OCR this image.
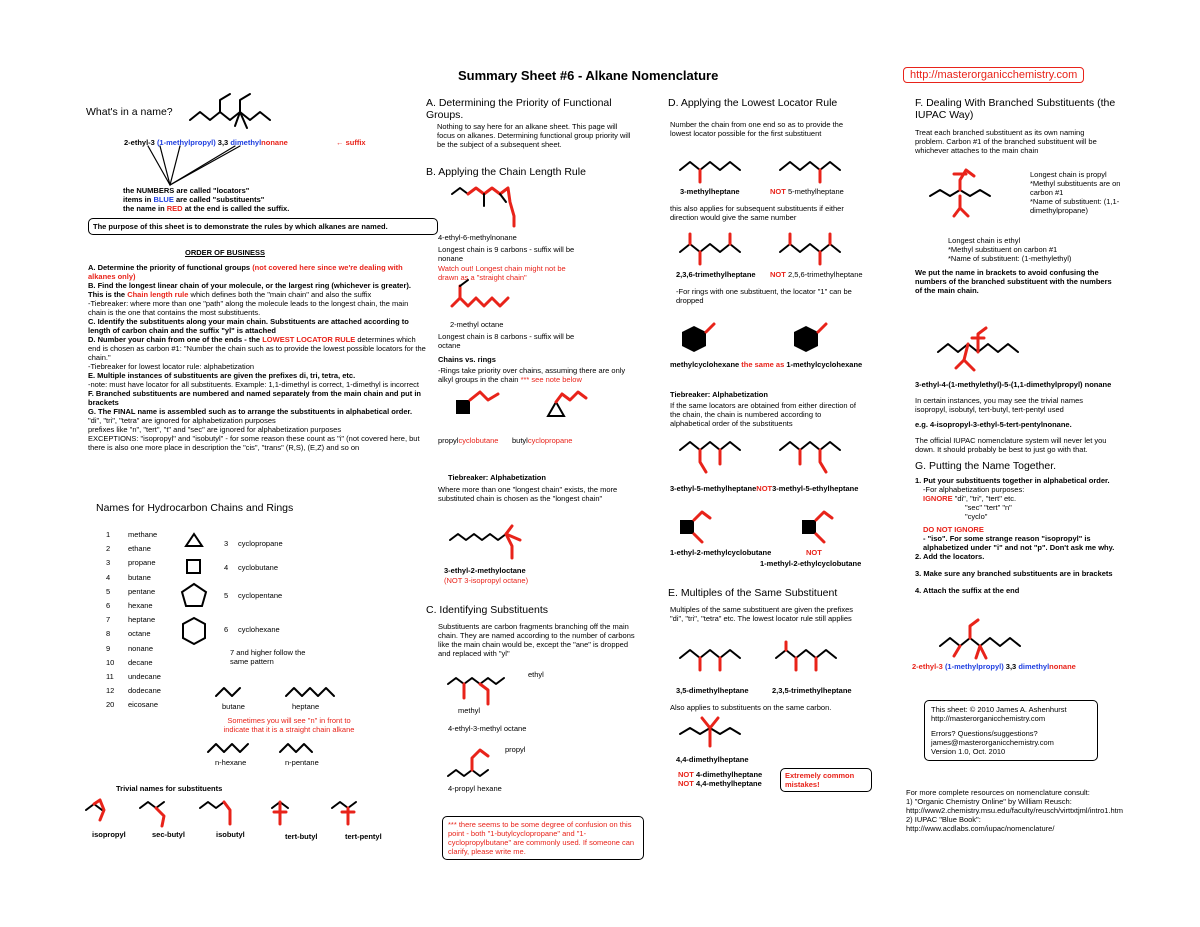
Summary Sheet #6 - Alkane Nomenclature	http://masterorganicchemistry.com
What's in a name?
2-ethyl-3 (1-methylpropyl) 3,3 dimethylnonane	← suffix
the NUMBERS are called "locators"
items in BLUE are called "substituents"
the name in RED at the end is called the suffix.
The purpose of this sheet is to demonstrate the rules by which alkanes are named.
ORDER OF BUSINESS
A. Determine the priority of functional groups (not covered here since we're dealing with alkanes only)
B. Find the longest linear chain of your molecule, or the largest ring (whichever is greater). This is the Chain length rule which defines both the "main chain" and also the suffix
-Tiebreaker: where more than one "path" along the molecule leads to the longest chain, the main chain is the one that contains the most substituents.
C. Identify the substituents along your main chain. Substituents are attached according to length of carbon chain and the suffix "yl" is attached
D. Number your chain from one of the ends - the LOWEST LOCATOR RULE determines which end is chosen as carbon #1: "Number the chain such as to provide the lowest possible locators for the chain."
-Tiebreaker for lowest locator rule: alphabetization
E. Multiple instances of substituents are given the prefixes di, tri, tetra, etc.
-note: must have locator for all substituents. Example: 1,1-dimethyl is correct, 1-dimethyl is incorrect
F. Branched substituents are numbered and named separately from the main chain and put in brackets
G. The FINAL name is assembled such as to arrange the substituents in alphabetical order.
"di", "tri", "tetra" are ignored for alphabetization purposes
prefixes like "n", "tert", "t" and "sec" are ignored for alphabetization purposes
EXCEPTIONS: "isopropyl" and "isobutyl" - for some reason these count as "i" (not covered here, but there is also one more place in description the "cis", "trans" (R,S), (E,Z) and so on
Names for Hydrocarbon Chains and Rings
1	methane
2	ethane
3	propane
4	butane
5	pentane
6	hexane
7	heptane
8	octane
9	nonane
10	decane
11	undecane
12	dodecane
20	eicosane
3 cyclopropane
4 cyclobutane
5 cyclopentane
6 cyclohexane
7 and higher follow the same pattern
butane	heptane
Sometimes you will see "n" in front to indicate that it is a straight chain alkane
n-hexane	n-pentane
Trivial names for substituents
isopropyl	sec-butyl	isobutyl	tert-butyl	tert-pentyl
A. Determining the Priority of Functional Groups.
Nothing to say here for an alkane sheet. This page will focus on alkanes. Determining functional group priority will be the subject of a subsequent sheet.
B. Applying the Chain Length Rule
4-ethyl-6-methylnonane
Longest chain is 9 carbons - suffix will be nonane
Watch out! Longest chain might not be drawn as a "straight chain"
2-methyl octane
Longest chain is 8 carbons - suffix will be octane
Chains vs. rings
-Rings take priority over chains, assuming there are only alkyl groups in the chain *** see note below
propylcyclobutane butylcyclopropane
Tiebreaker: Alphabetization
Where more than one "longest chain" exists, the more substituted chain is chosen as the "longest chain"
3-ethyl-2-methyloctane
(NOT 3-isopropyl octane)
C. Identifying Substituents
Substituents are carbon fragments branching off the main chain. They are named according to the number of carbons like the main chain would be, except the "ane" is dropped and replaced with "yl"
ethyl
methyl
4-ethyl-3-methyl octane
propyl
4-propyl hexane
*** there seems to be some degree of confusion on this point - both "1-butylcyclopropane" and "1-cyclopropylbutane" are commonly used. If someone can clarify, please write me.
D. Applying the Lowest Locator Rule
Number the chain from one end so as to provide the lowest locator possible for the first substituent
3-methylheptane	NOT 5-methylheptane
this also applies for subsequent substituents if either direction would give the same number
2,3,6-trimethylheptane NOT 2,5,6-trimethylheptane
-For rings with one substituent, the locator "1" can be dropped
methylcyclohexane the same as 1-methylcyclohexane
Tiebreaker: Alphabetization
If the same locators are obtained from either direction of the chain, the chain is numbered according to alphabetical order of the substituents
3-ethyl-5-methylheptaneNOT3-methyl-5-ethylheptane
1-ethyl-2-methylcyclobutane	NOT
1-methyl-2-ethylcyclobutane
E. Multiples of the Same Substituent
Multiples of the same substituent are given the prefixes "di", "tri", "tetra" etc. The lowest locator rule still applies
3,5-dimethylheptane	2,3,5-trimethylheptane
Also applies to substituents on the same carbon.
4,4-dimethylheptane
NOT 4-dimethylheptane
NOT 4,4-methylheptane
Extremely common mistakes!
F. Dealing With Branched Substituents (the IUPAC Way)
Treat each branched substituent as its own naming problem. Carbon #1 of the branched substituent will be whichever attaches to the main chain
Longest chain is propyl
*Methyl substituents are on carbon #1
*Name of substituent: (1,1-dimethylpropane)
Longest chain is ethyl
*Methyl substituent on carbon #1
*Name of substituent: (1-methylethyl)
We put the name in brackets to avoid confusing the numbers of the branched substituent with the numbers of the main chain.
3-ethyl-4-(1-methylethyl)-5-(1,1-dimethylpropyl) nonane
In certain instances, you may see the trivial names isopropyl, isobutyl, tert-butyl, tert-pentyl used
e.g. 4-isopropyl-3-ethyl-5-tert-pentylnonane.
The official IUPAC nomenclature system will never let you down. It should probably be best to just go with that.
G. Putting the Name Together.
1. Put your substituents together in alphabetical order.
-For alphabetization purposes:
IGNORE "di", "tri", "tert" etc.
"sec" "tert" "n"
"cyclo"
DO NOT IGNORE
- "iso". For some strange reason "isopropyl" is alphabetized under "i" and not "p". Don't ask me why.
2. Add the locators.
3. Make sure any branched substituents are in brackets
4. Attach the suffix at the end
2-ethyl-3 (1-methylpropyl) 3,3 dimethylnonane
This sheet: © 2010 James A. Ashenhurst
http://masterorganicchemistry.com
Errors? Questions/suggestions?
james@masterorganicchemistry.com
Version 1.0, Oct. 2010
For more complete resources on nomenclature consult:
1) "Organic Chemistry Online" by William Reusch: http://www2.chemistry.msu.edu/faculty/reusch/virttxtjml/intro1.htm
2) IUPAC "Blue Book": http://www.acdlabs.com/iupac/nomenclature/
